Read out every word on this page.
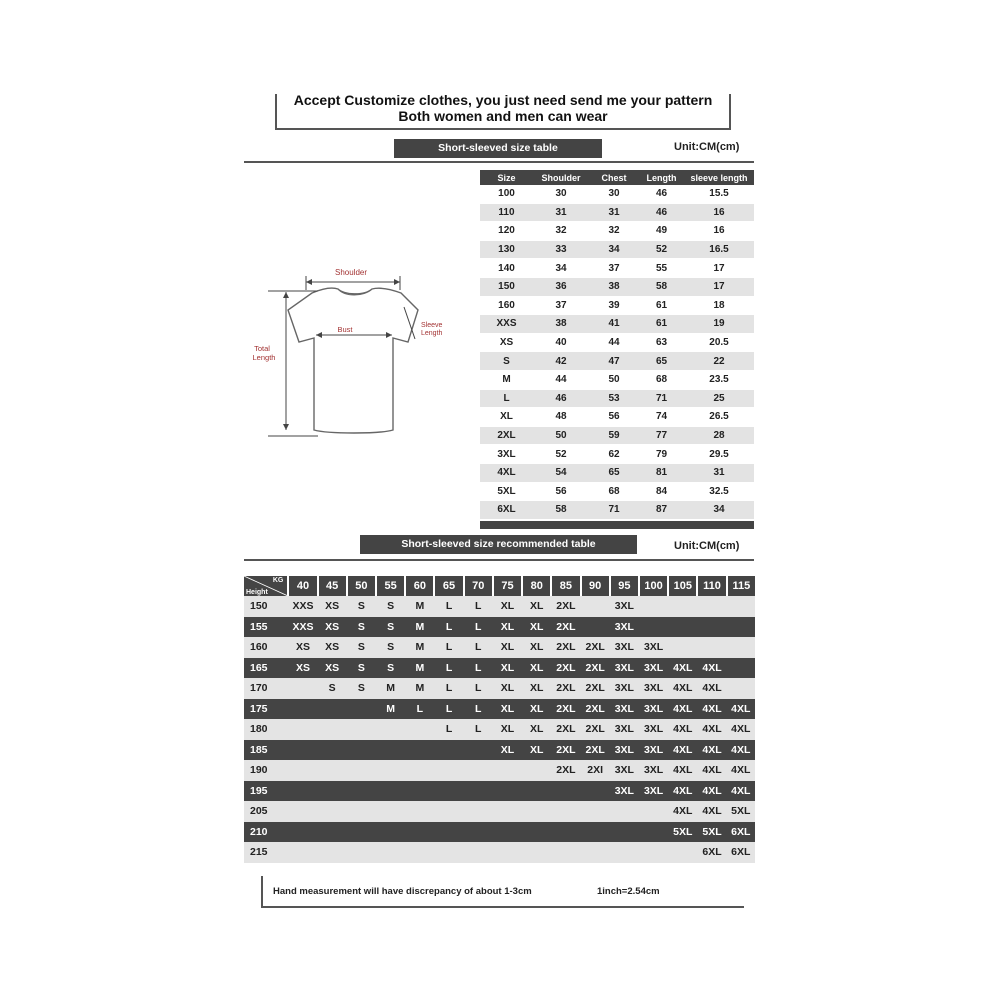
Accept Customize clothes, you just need send me your pattern
Both women and men can wear
Short-sleeved size table	Unit:CM(cm)
Shoulder
Bust	Sleeve
Length
Total
Length
Size	Shoulder	Chest	Length	sleeve length
100	30	30	46	15.5
110	31	31	46	16
120	32	32	49	16
130	33	34	52	16.5
140	34	37	55	17
150	36	38	58	17
160	37	39	61	18
XXS	38	41	61	19
XS	40	44	63	20.5
S	42	47	65	22
M	44	50	68	23.5
L	46	53	71	25
XL	48	56	74	26.5
2XL	50	59	77	28
3XL	52	62	79	29.5
4XL	54	65	81	31
5XL	56	68	84	32.5
6XL	58	71	87	34
Short-sleeved size recommended table	Unit:CM(cm)
KG
Height	40	45	50	55	60	65	70	75	80	85	90	95	100	105	110	115
150	XXS	XS	S	S	M	L	L	XL	XL	2XL		3XL				
155	XXS	XS	S	S	M	L	L	XL	XL	2XL		3XL				
160	XS	XS	S	S	M	L	L	XL	XL	2XL	2XL	3XL	3XL			
165	XS	XS	S	S	M	L	L	XL	XL	2XL	2XL	3XL	3XL	4XL	4XL	
170		S	S	M	M	L	L	XL	XL	2XL	2XL	3XL	3XL	4XL	4XL	
175				M	L	L	L	XL	XL	2XL	2XL	3XL	3XL	4XL	4XL	4XL
180						L	L	XL	XL	2XL	2XL	3XL	3XL	4XL	4XL	4XL
185								XL	XL	2XL	2XL	3XL	3XL	4XL	4XL	4XL
190										2XL	2XI	3XL	3XL	4XL	4XL	4XL
195												3XL	3XL	4XL	4XL	4XL
205														4XL	4XL	5XL
210														5XL	5XL	6XL
215															6XL	6XL
Hand measurement will have discrepancy of about 1-3cm	1inch=2.54cm
